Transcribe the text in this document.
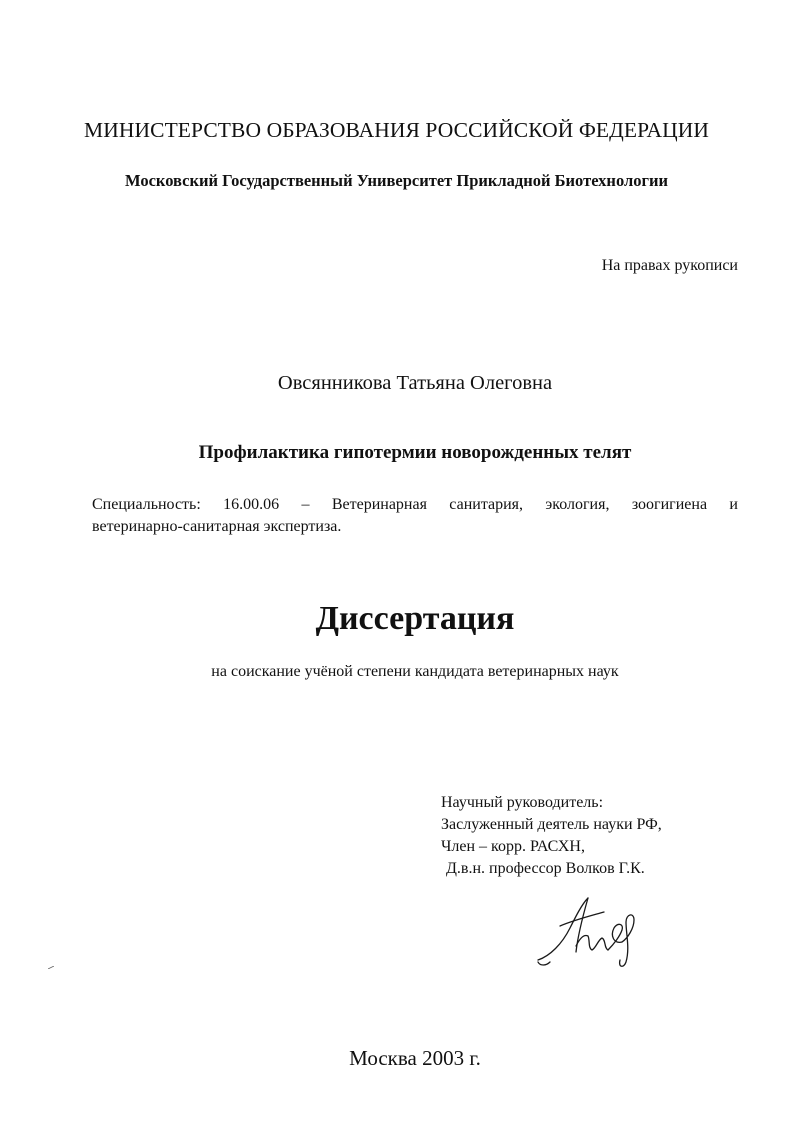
МИНИСТЕРСТВО ОБРАЗОВАНИЯ РОССИЙСКОЙ ФЕДЕРАЦИИ
Московский Государственный Университет Прикладной Биотехнологии
На правах рукописи
Овсянникова Татьяна Олеговна
Профилактика гипотермии новорожденных телят
Специальность: 16.00.06 – Ветеринарная санитария, экология, зоогигиена и
ветеринарно-санитарная экспертиза.
Диссертация
на соискание учёной степени кандидата ветеринарных наук
Научный руководитель:
Заслуженный деятель науки РФ,
Член – корр. РАСХН,
Д.в.н. профессор Волков Г.К.
Москва 2003 г.
